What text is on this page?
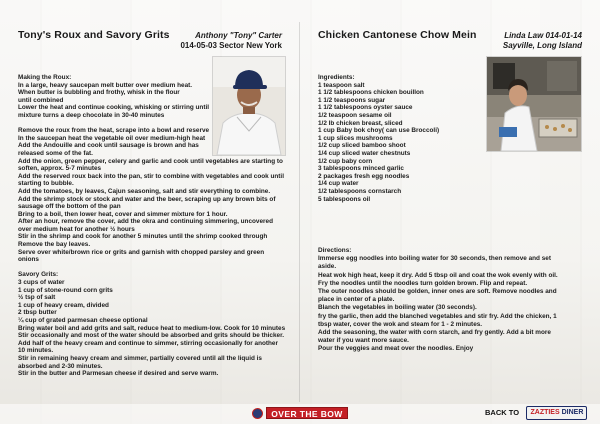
Tony's Roux and Savory Grits	Anthony "Tony" Carter
014-05-03 Sector New York

Making the Roux:

In a large, heavy saucepan melt butter over medium heat.

When butter is bubbling and frothy, whisk in the flour

until combined

Lower the heat and continue cooking, whisking or stirring until

mixture turns a deep chocolate in 30-40 minutes

Remove the roux from the heat, scrape into a bowl and reserve

In the saucepan heat the vegetable oil over medium-high heat

Add the Andouille and cook until sausage is brown and has

released some of the fat.

Add the onion, green pepper, celery and garlic and cook until vegetables are starting to

soften, approx. 5-7 minutes

Add the reserved roux back into the pan, stir to combine with vegetables and cook until

starting to bubble.

Add the tomatoes, by leaves, Cajun seasoning, salt and stir everything to combine.

Add the shrimp stock or stock and water and the beer, scraping up any brown bits of

sausage off the bottom of the pan

Bring to a boil, then lower heat, cover and simmer mixture for 1 hour.

After an hour, remove the cover, add the okra and continuing simmering, uncovered

over medium heat for another ½ hours

Stir in the shrimp and cook for another 5 minutes until the shrimp cooked through

Remove the bay leaves.

Serve over white/brown rice or grits and garnish with chopped parsley and green

onions

Savory Grits:

3 cups of water

1 cup of stone-round corn grits

½ tsp of salt

1 cup of heavy cream, divided

2 tbsp butter

¼ cup of grated parmesan cheese optional

Bring water boil and add grits and salt, reduce heat to medium-low. Cook for 10 minutes

Stir occasionally and most of the water should be absorbed and grits should be thicker.

Add half of the heavy cream and continue to simmer, stirring occasionally for another

10 minutes.

Stir in remaining heavy cream and simmer, partially covered until all the liquid is

absorbed and 2-30 minutes.

Stir in the butter and Parmesan cheese if desired and serve warm.

Chicken Cantonese Chow Mein	Linda Law 014-01-14
Sayville, Long Island

Ingredients:

1 teaspoon salt

1 1/2 tablespoons chicken bouillon

1 1/2 teaspoons sugar

1 1/2 tablespoons oyster sauce

1/2 teaspoon sesame oil

1/2 lb chicken breast, sliced

1 cup Baby bok choy( can use Broccoli)

1 cup slices mushrooms

1/2 cup sliced bamboo shoot

1/4 cup sliced water chestnuts

1/2 cup baby corn

3 tablespoons minced garlic

2 packages fresh egg noodles

1/4 cup water

1/2 tablespoons cornstarch

5 tablespoons oil

Directions:

Immerse egg noodles into boiling water for 30 seconds, then remove and set

aside.

Heat wok high heat, keep it dry. Add 5 tbsp oil and coat the wok evenly with oil.

Fry the noodles until the noodles turn golden brown. Flip and repeat.

The outer noodles should be golden, inner ones are soft. Remove noodles and

place in center of a plate.

Blanch the vegetables in boiling water (30 seconds).

fry the garlic, then add the blanched vegetables and stir fry. Add the chicken, 1

tbsp water, cover the wok and steam for 1 - 2 minutes.

Add the seasoning, the water with corn starch, and fry gently. Add a bit more

water if you want more sauce.

Pour the veggies and meat over the noodles. Enjoy

OVER THE BOW	BACK TO ZAZTIES DINER
